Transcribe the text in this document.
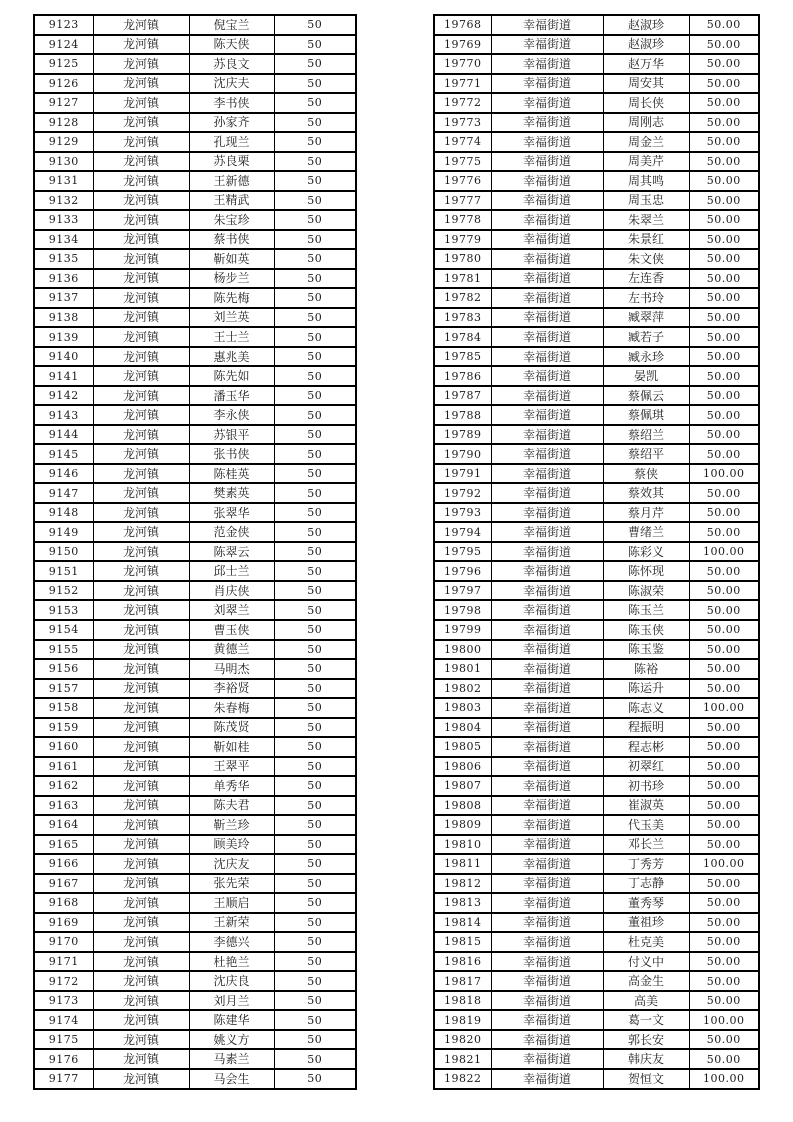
9123	龙河镇	倪宝兰	50
9124	龙河镇	陈天侠	50
9125	龙河镇	苏良文	50
9126	龙河镇	沈庆夫	50
9127	龙河镇	李书侠	50
9128	龙河镇	孙家齐	50
9129	龙河镇	孔现兰	50
9130	龙河镇	苏良栗	50
9131	龙河镇	王新德	50
9132	龙河镇	王精武	50
9133	龙河镇	朱宝珍	50
9134	龙河镇	蔡书侠	50
9135	龙河镇	靳如英	50
9136	龙河镇	杨步兰	50
9137	龙河镇	陈先梅	50
9138	龙河镇	刘兰英	50
9139	龙河镇	王士兰	50
9140	龙河镇	惠兆美	50
9141	龙河镇	陈先如	50
9142	龙河镇	潘玉华	50
9143	龙河镇	李永侠	50
9144	龙河镇	苏银平	50
9145	龙河镇	张书侠	50
9146	龙河镇	陈桂英	50
9147	龙河镇	樊素英	50
9148	龙河镇	张翠华	50
9149	龙河镇	范金侠	50
9150	龙河镇	陈翠云	50
9151	龙河镇	邱士兰	50
9152	龙河镇	肖庆侠	50
9153	龙河镇	刘翠兰	50
9154	龙河镇	曹玉侠	50
9155	龙河镇	黄德兰	50
9156	龙河镇	马明杰	50
9157	龙河镇	李裕贤	50
9158	龙河镇	朱春梅	50
9159	龙河镇	陈茂贤	50
9160	龙河镇	靳如桂	50
9161	龙河镇	王翠平	50
9162	龙河镇	单秀华	50
9163	龙河镇	陈夫君	50
9164	龙河镇	靳兰珍	50
9165	龙河镇	顾美玲	50
9166	龙河镇	沈庆友	50
9167	龙河镇	张先荣	50
9168	龙河镇	王顺启	50
9169	龙河镇	王新荣	50
9170	龙河镇	李德兴	50
9171	龙河镇	杜艳兰	50
9172	龙河镇	沈庆良	50
9173	龙河镇	刘月兰	50
9174	龙河镇	陈建华	50
9175	龙河镇	姚义方	50
9176	龙河镇	马素兰	50
9177	龙河镇	马会生	50
19768	幸福街道	赵淑珍	50.00
19769	幸福街道	赵淑珍	50.00
19770	幸福街道	赵万华	50.00
19771	幸福街道	周安其	50.00
19772	幸福街道	周长侠	50.00
19773	幸福街道	周刚志	50.00
19774	幸福街道	周金兰	50.00
19775	幸福街道	周美芹	50.00
19776	幸福街道	周其鸣	50.00
19777	幸福街道	周玉忠	50.00
19778	幸福街道	朱翠兰	50.00
19779	幸福街道	朱景红	50.00
19780	幸福街道	朱文侠	50.00
19781	幸福街道	左连香	50.00
19782	幸福街道	左书玲	50.00
19783	幸福街道	臧翠萍	50.00
19784	幸福街道	臧若子	50.00
19785	幸福街道	臧永珍	50.00
19786	幸福街道	晏凯	50.00
19787	幸福街道	蔡佩云	50.00
19788	幸福街道	蔡佩琪	50.00
19789	幸福街道	蔡绍兰	50.00
19790	幸福街道	蔡绍平	50.00
19791	幸福街道	蔡侠	100.00
19792	幸福街道	蔡效其	50.00
19793	幸福街道	蔡月芹	50.00
19794	幸福街道	曹绪兰	50.00
19795	幸福街道	陈彩义	100.00
19796	幸福街道	陈怀现	50.00
19797	幸福街道	陈淑荣	50.00
19798	幸福街道	陈玉兰	50.00
19799	幸福街道	陈玉侠	50.00
19800	幸福街道	陈玉鉴	50.00
19801	幸福街道	陈裕	50.00
19802	幸福街道	陈运升	50.00
19803	幸福街道	陈志义	100.00
19804	幸福街道	程振明	50.00
19805	幸福街道	程志彬	50.00
19806	幸福街道	初翠红	50.00
19807	幸福街道	初书珍	50.00
19808	幸福街道	崔淑英	50.00
19809	幸福街道	代玉美	50.00
19810	幸福街道	邓长兰	50.00
19811	幸福街道	丁秀芳	100.00
19812	幸福街道	丁志静	50.00
19813	幸福街道	董秀琴	50.00
19814	幸福街道	董祖珍	50.00
19815	幸福街道	杜克美	50.00
19816	幸福街道	付义中	50.00
19817	幸福街道	高金生	50.00
19818	幸福街道	高美	50.00
19819	幸福街道	葛一文	100.00
19820	幸福街道	郭长安	50.00
19821	幸福街道	韩庆友	50.00
19822	幸福街道	贺恒文	100.00
